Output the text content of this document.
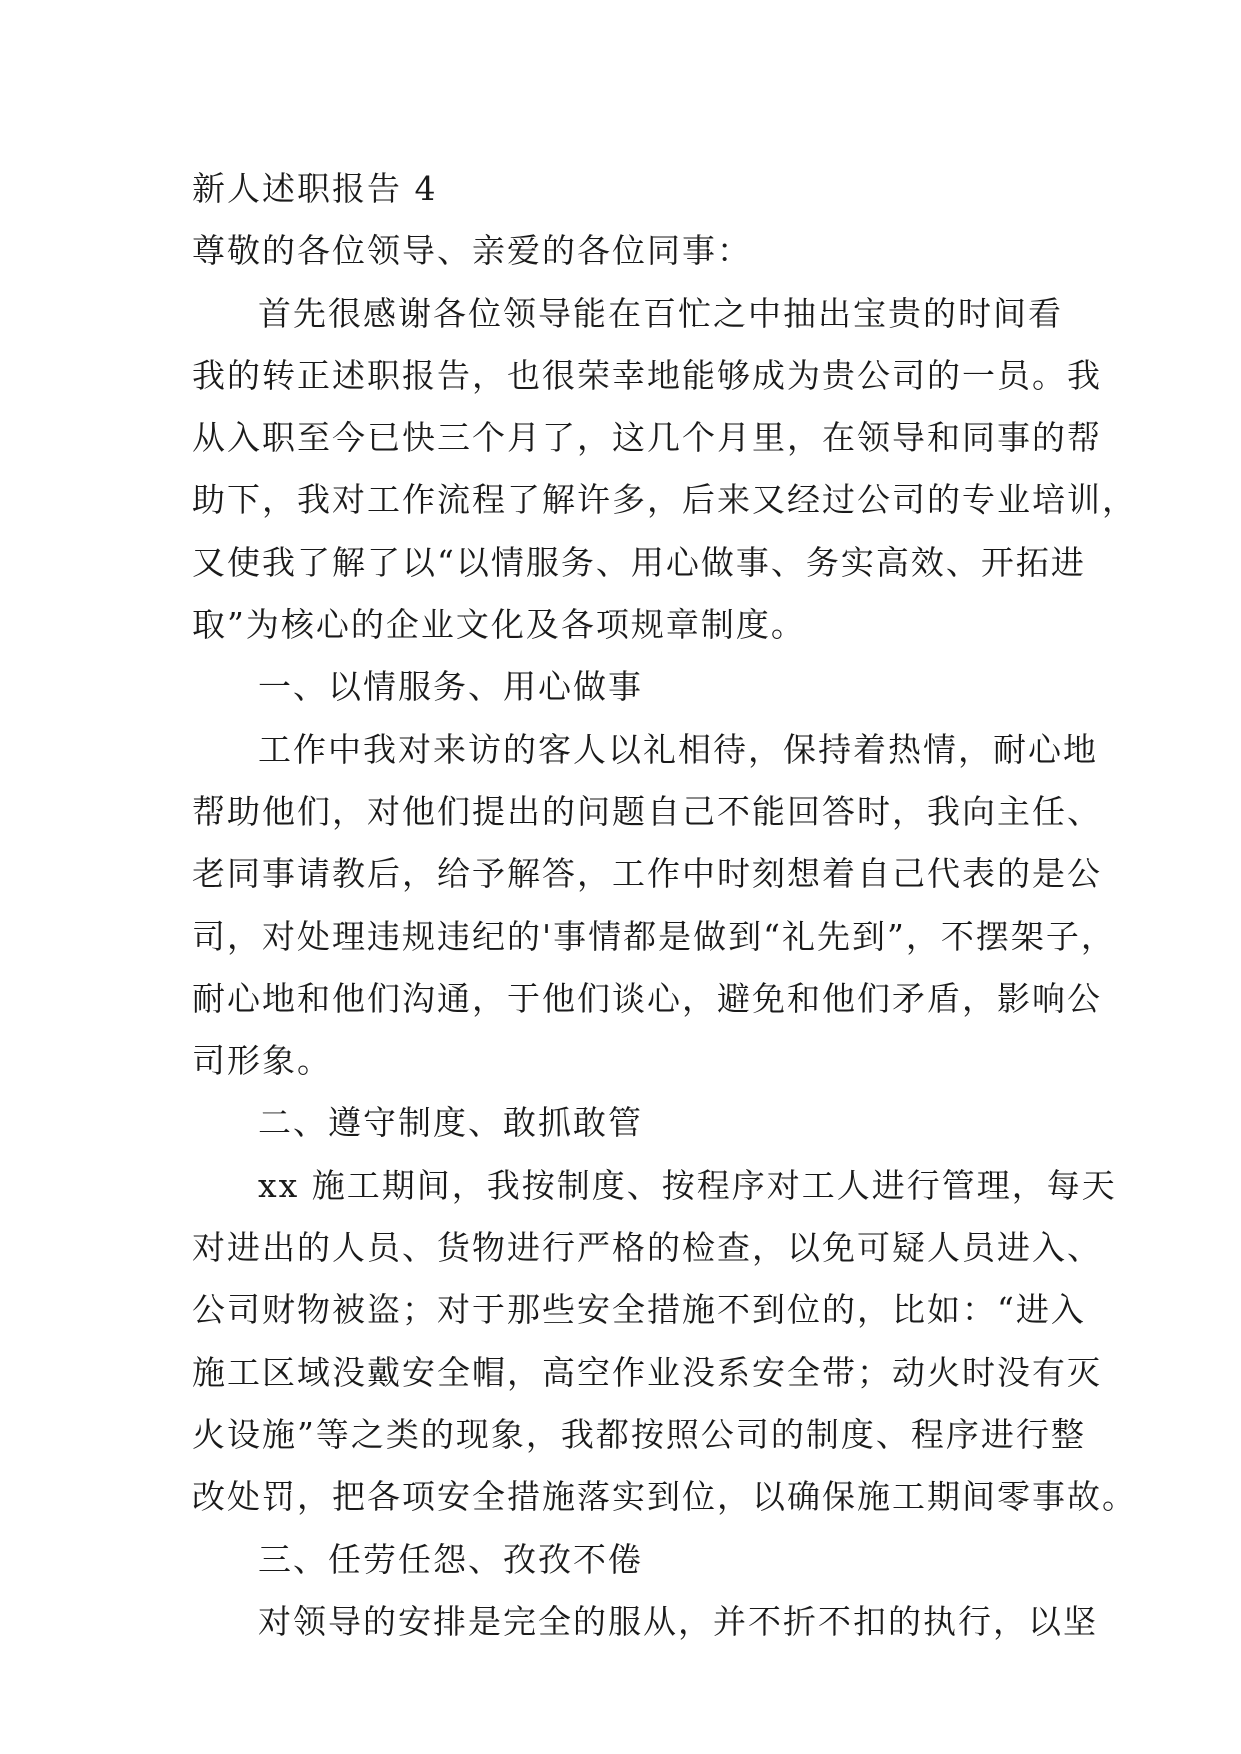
新人述职报告 4
尊敬的各位领导、亲爱的各位同事：
首先很感谢各位领导能在百忙之中抽出宝贵的时间看
我的转正述职报告，也很荣幸地能够成为贵公司的一员。我
从入职至今已快三个月了，这几个月里，在领导和同事的帮
助下，我对工作流程了解许多，后来又经过公司的专业培训，
又使我了解了以“以情服务、用心做事、务实高效、开拓进
取”为核心的企业文化及各项规章制度。
一、以情服务、用心做事
工作中我对来访的客人以礼相待，保持着热情，耐心地
帮助他们，对他们提出的问题自己不能回答时，我向主任、
老同事请教后，给予解答，工作中时刻想着自己代表的是公
司，对处理违规违纪的'事情都是做到“礼先到”，不摆架子，
耐心地和他们沟通，于他们谈心，避免和他们矛盾，影响公
司形象。
二、遵守制度、敢抓敢管
xx 施工期间，我按制度、按程序对工人进行管理，每天
对进出的人员、货物进行严格的检查，以免可疑人员进入、
公司财物被盗；对于那些安全措施不到位的，比如：“进入
施工区域没戴安全帽，高空作业没系安全带；动火时没有灭
火设施”等之类的现象，我都按照公司的制度、程序进行整
改处罚，把各项安全措施落实到位，以确保施工期间零事故。
三、任劳任怨、孜孜不倦
对领导的安排是完全的服从，并不折不扣的执行，以坚
